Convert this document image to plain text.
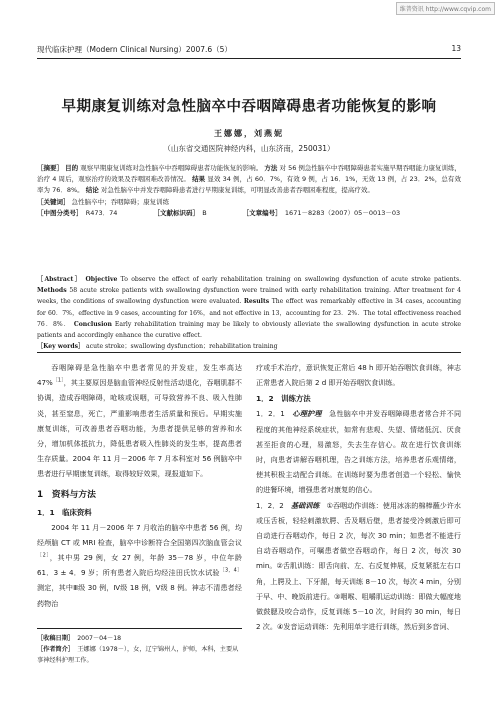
维普资讯 http://www.cqvip.com
现代临床护理（Modern Clinical Nursing）2007.6（5）	13
早期康复训练对急性脑卒中吞咽障碍患者功能恢复的影响
王娜娜，刘燕妮
（山东省交通医院神经内科，山东济南，250031）
［摘要］ 目的 观察早期康复训练对急性脑卒中吞咽障碍患者功能恢复的影响。 方法 对 56 例急性脑卒中吞咽障碍患者实施早期吞咽能力康复训练，治疗 4 周后，观察治疗的效果及吞咽困难改善情况。 结果 显效 34 例，占 60．7%，有效 9 例，占 16．1%，无效 13 例，占 23．2%，总有效率为 76．8%。 结论 对急性脑卒中并发吞咽障碍患者进行早期康复训练，可明显改善患者吞咽困难程度，提高疗效。
［关键词］ 急性脑卒中；吞咽障碍；康复训练
［中图分类号］　 R473．74	［文献标识码］　 B	［文章编号］　 1671－8283（2007）05－0013－03
［Abstract］ Objective To observe the effect of early rehabilitation training on swallowing dysfunction of acute stroke patients. Methods 58 acute stroke patients with swallowing dysfunction were trained with early rehabilitation training. After treatment for 4 weeks, the conditions of swallowing dysfunction were evaluated. Results The effect was remarkably effective in 34 cases, accounting for 60．7%，effective in 9 cases, accounting for 16%，and not effective in 13，accounting for 23．2%．The total effectiveness reached 76．8%． Conclusion Early rehabilitation training may be likely to obviously alleviate the swallowing dysfunction in acute stroke patients and accordingly enhance the curative effect.
［Key words］ acute stroke；swallowing dysfunction；rehabilitation training

吞咽障碍是急性脑卒中患者常见的并发症，发生率高达 47%$^{[1]}$，其主要原因是脑血管神经反射性活动退化，吞咽肌群不协调，造成吞咽障碍，呛咳或误咽，可导致营养不良、吸入性肺炎，甚至窒息，死亡，严重影响患者生活质量和预后。早期实施康复训练，可改善患者吞咽功能，为患者提供足够的营养和水分，增加机体抵抗力，降低患者吸入性肺炎的发生率，提高患者生存质量。2004 年 11 月－2006 年 7 月本科室对 56 例脑卒中患者进行早期康复训练，取得较好效果，现报道如下。

1　资料与方法
1．1　临床资料

2004 年 11 月－2006 年 7 月收治的脑卒中患者 56 例，均经颅脑 CT 或 MRI 检查，脑卒中诊断符合全国第四次脑血管会议$^{[2]}$，其中男 29 例，女 27 例，年龄 35－78 岁，中位年龄 61．3 ± 4．9 岁；所有患者入院后均经洼田氏饮水试验$^{[3,4]}$测定，其中Ⅲ级 30 例，Ⅳ级 18 例，Ⅴ级 8 例。神志不清患者经药物治

疗或手术治疗，意识恢复正常后 48 h 即开始吞咽饮食训练，神志正常患者入院后第 2 d 即开始吞咽饮食训练。

1．2　训练方法

1．2．1　 心理护理　 急性脑卒中并发吞咽障碍患者常合并不同程度的其他神经系统症状，如常有悲观、失望、情绪低沉、厌食甚至拒食的心理，易激怒，失去生存信心。故在进行饮食训练时，向患者讲解吞咽机理，告之训练方法，培养患者乐观情绪，使其积极主动配合训练。在训练时要为患者创造一个轻松、愉快的进餐环境，增强患者对康复的信心。

1．2．2　 基础训练　 ①吞咽动作训练：使用冰冻的棉棒蘸少许水或压舌板，轻轻刺激软腭、舌及咽后壁，患者接受冷刺激后即可自动进行吞咽动作，每日 2 次，每次 30 min；如患者不能进行自动吞咽动作，可嘱患者做空吞咽动作，每日 2 次，每次 30 min。②舌肌训练：即舌向前、左、右反复伸展，反复紧抵左右口角，上腭及上、下牙龈，每天训练 8－10 次，每次 4 min，分别于早、中、晚饭前进行。③咽喉、咀嚼肌运动训练：即做大幅度地做鼓腮及咬合动作，反复训练 5－10 次，时间约 30 min，每日 2 次。④发音运动训练：先利用单字进行训练，然后到多音词、

［收稿日期］　 2007－04－18
［作者简介］　 王娜娜（1978－），女，辽宁锦州人，护师，本科，主要从事神经科护理工作。
